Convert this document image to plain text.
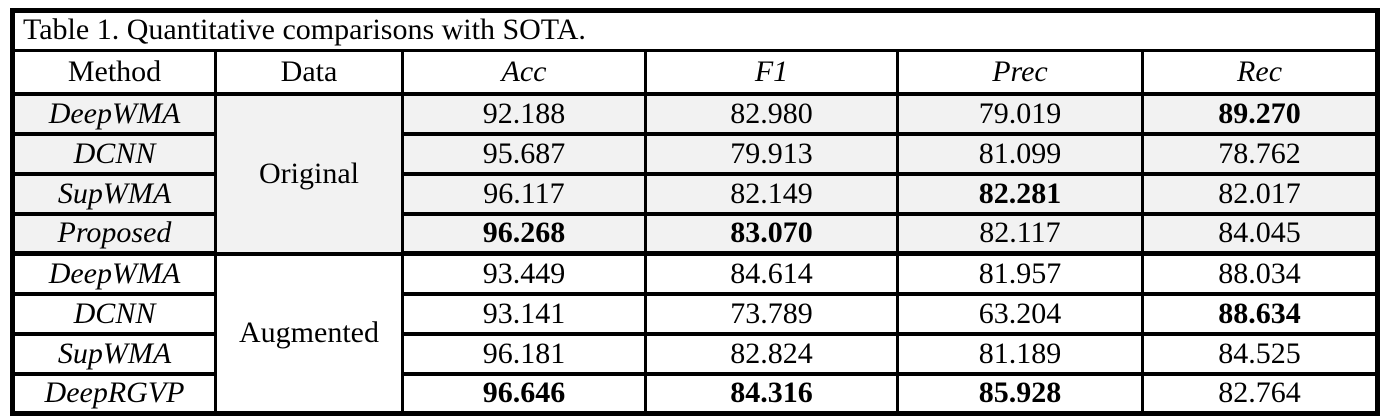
Table 1. Quantitative comparisons with SOTA.					
Method	Data	Acc	F1	Prec	Rec
DeepWMA	Original	92.188	82.980	79.019	89.270
DCNN		95.687	79.913	81.099	78.762
SupWMA		96.117	82.149	82.281	82.017
Proposed		96.268	83.070	82.117	84.045
DeepWMA	Augmented	93.449	84.614	81.957	88.034
DCNN		93.141	73.789	63.204	88.634
SupWMA		96.181	82.824	81.189	84.525
DeepRGVP		96.646	84.316	85.928	82.764
